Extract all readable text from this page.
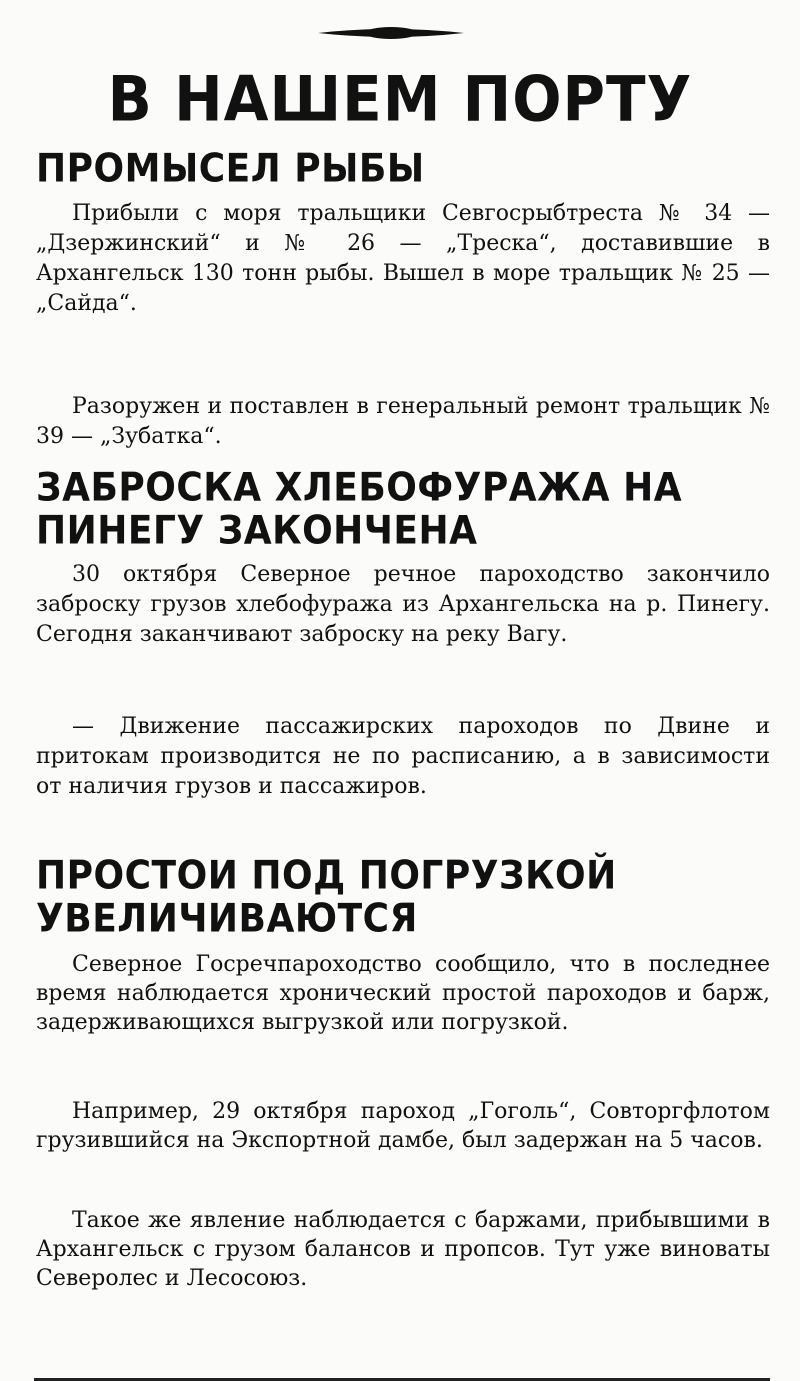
В НАШЕМ ПОРТУ
ПРОМЫСЕЛ РЫБЫ
Прибыли с моря тральщики Севгосрыбтреста № 34 — „Дзержинский“ и № 26 — „Треска“, доставившие в Архангельск 130 тонн рыбы. Вышел в море тральщик № 25 — „Сайда“.
Разоружен и поставлен в генеральный ремонт тральщик № 39 — „Зубатка“.
ЗАБРОСКА ХЛЕБОФУРАЖА НА ПИНЕГУ ЗАКОНЧЕНА
30 октября Северное речное пароходство закончило заброску грузов хлебофуража из Архангельска на р. Пинегу. Сегодня заканчивают заброску на реку Вагу.
— Движение пассажирских пароходов по Двине и притокам производится не по расписанию, а в зависимости от наличия грузов и пассажиров.
ПРОСТОИ ПОД ПОГРУЗКОЙ УВЕЛИЧИВАЮТСЯ
Северное Госречпароходство сообщило, что в последнее время наблюдается хронический простой пароходов и барж, задерживающихся выгрузкой или погрузкой.
Например, 29 октября пароход „Гоголь“, Совторгфлотом грузившийся на Экспортной дамбе, был задержан на 5 часов.
Такое же явление наблюдается с баржами, прибывшими в Архангельск с грузом балансов и пропсов. Тут уже виноваты Северолес и Лесосоюз.
